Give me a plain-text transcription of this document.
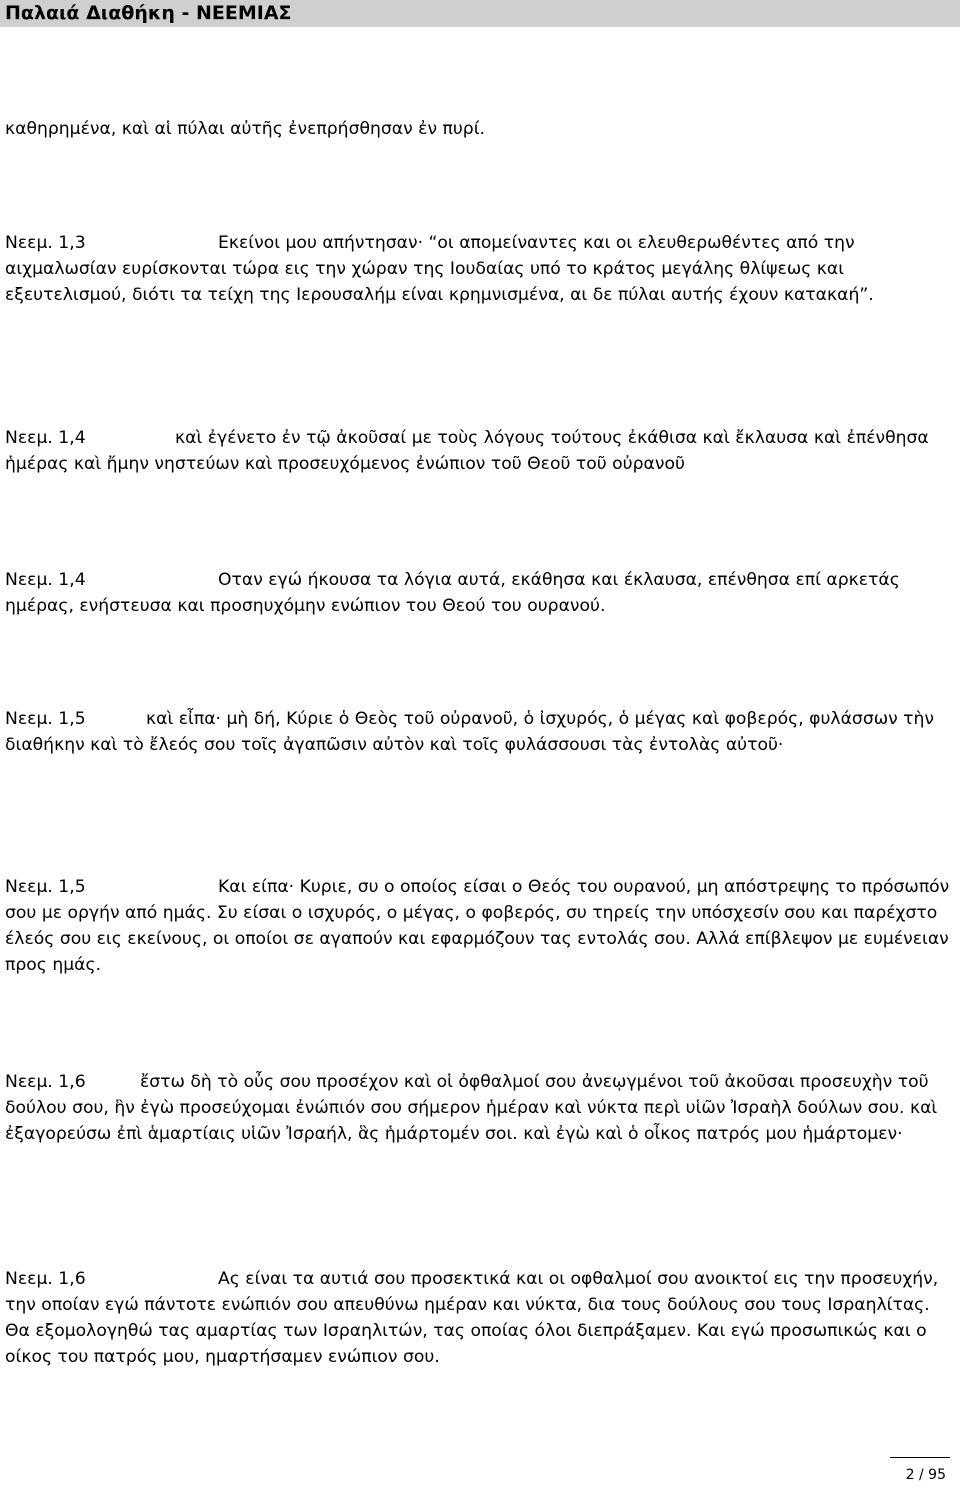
Παλαιά Διαθήκη - ΝΕΕΜΙΑΣ

καθηρημένα, καὶ αἱ πύλαι αὐτῆς ἐνεπρήσθησαν ἐν πυρί.

Νεεμ. 1,3	Εκείνοι μου απήντησαν· “οι απομείναντες και οι ελευθερωθέντες από την αιχμαλωσίαν ευρίσκονται τώρα εις την χώραν της Ιουδαίας υπό το κράτος μεγάλης θλίψεως και εξευτελισμού, διότι τα τείχη της Ιερουσαλήμ είναι κρημνισμένα, αι δε πύλαι αυτής έχουν κατακαή”.

Νεεμ. 1,4	καὶ ἐγένετο ἐν τῷ ἀκοῦσαί με τοὺς λόγους τούτους ἐκάθισα καὶ ἔκλαυσα καὶ ἐπένθησα ἡμέρας καὶ ἤμην νηστεύων καὶ προσευχόμενος ἐνώπιον τοῦ Θεοῦ τοῦ οὐρανοῦ

Νεεμ. 1,4	Οταν εγώ ήκουσα τα λόγια αυτά, εκάθησα και έκλαυσα, επένθησα επί αρκετάς ημέρας, ενήστευσα και προσηυχόμην ενώπιον του Θεού του ουρανού.

Νεεμ. 1,5	καὶ εἶπα· μὴ δή, Κύριε ὁ Θεὸς τοῦ οὐρανοῦ, ὁ ἰσχυρός, ὁ μέγας καὶ φοβερός, φυλάσσων τὴν διαθήκην καὶ τὸ ἔλεός σου τοῖς ἀγαπῶσιν αὐτὸν καὶ τοῖς φυλάσσουσι τὰς ἐντολὰς αὐτοῦ·

Νεεμ. 1,5	Και είπα· Κυριε, συ ο οποίος είσαι ο Θεός του ουρανού, μη απόστρεψης το πρόσωπόν σου με οργήν από ημάς. Συ είσαι ο ισχυρός, ο μέγας, ο φοβερός, συ τηρείς την υπόσχεσίν σου και παρέχστο έλεός σου εις εκείνους, οι οποίοι σε αγαπούν και εφαρμόζουν τας εντολάς σου. Αλλά επίβλεψον με ευμένειαν προς ημάς.

Νεεμ. 1,6	ἔστω δὴ τὸ οὖς σου προσέχον καὶ οἱ ὀφθαλμοί σου ἀνεῳγμένοι τοῦ ἀκοῦσαι προσευχὴν τοῦ δούλου σου, ἣν ἐγὼ προσεύχομαι ἐνώπιόν σου σήμερον ἡμέραν καὶ νύκτα περὶ υἱῶν Ἰσραὴλ δούλων σου. καὶ ἐξαγορεύσω ἐπὶ ἁμαρτίαις υἱῶν Ἰσραήλ, ἃς ἡμάρτομέν σοι. καὶ ἐγὼ καὶ ὁ οἶκος πατρός μου ἡμάρτομεν·

Νεεμ. 1,6	Ας είναι τα αυτιά σου προσεκτικά και οι οφθαλμοί σου ανοικτοί εις την προσευχήν, την οποίαν εγώ πάντοτε ενώπιόν σου απευθύνω ημέραν και νύκτα, δια τους δούλους σου τους Ισραηλίτας. Θα εξομολογηθώ τας αμαρτίας των Ισραηλιτών, τας οποίας όλοι διεπράξαμεν. Και εγώ προσωπικώς και ο οίκος του πατρός μου, ημαρτήσαμεν ενώπιον σου.

2 / 95
